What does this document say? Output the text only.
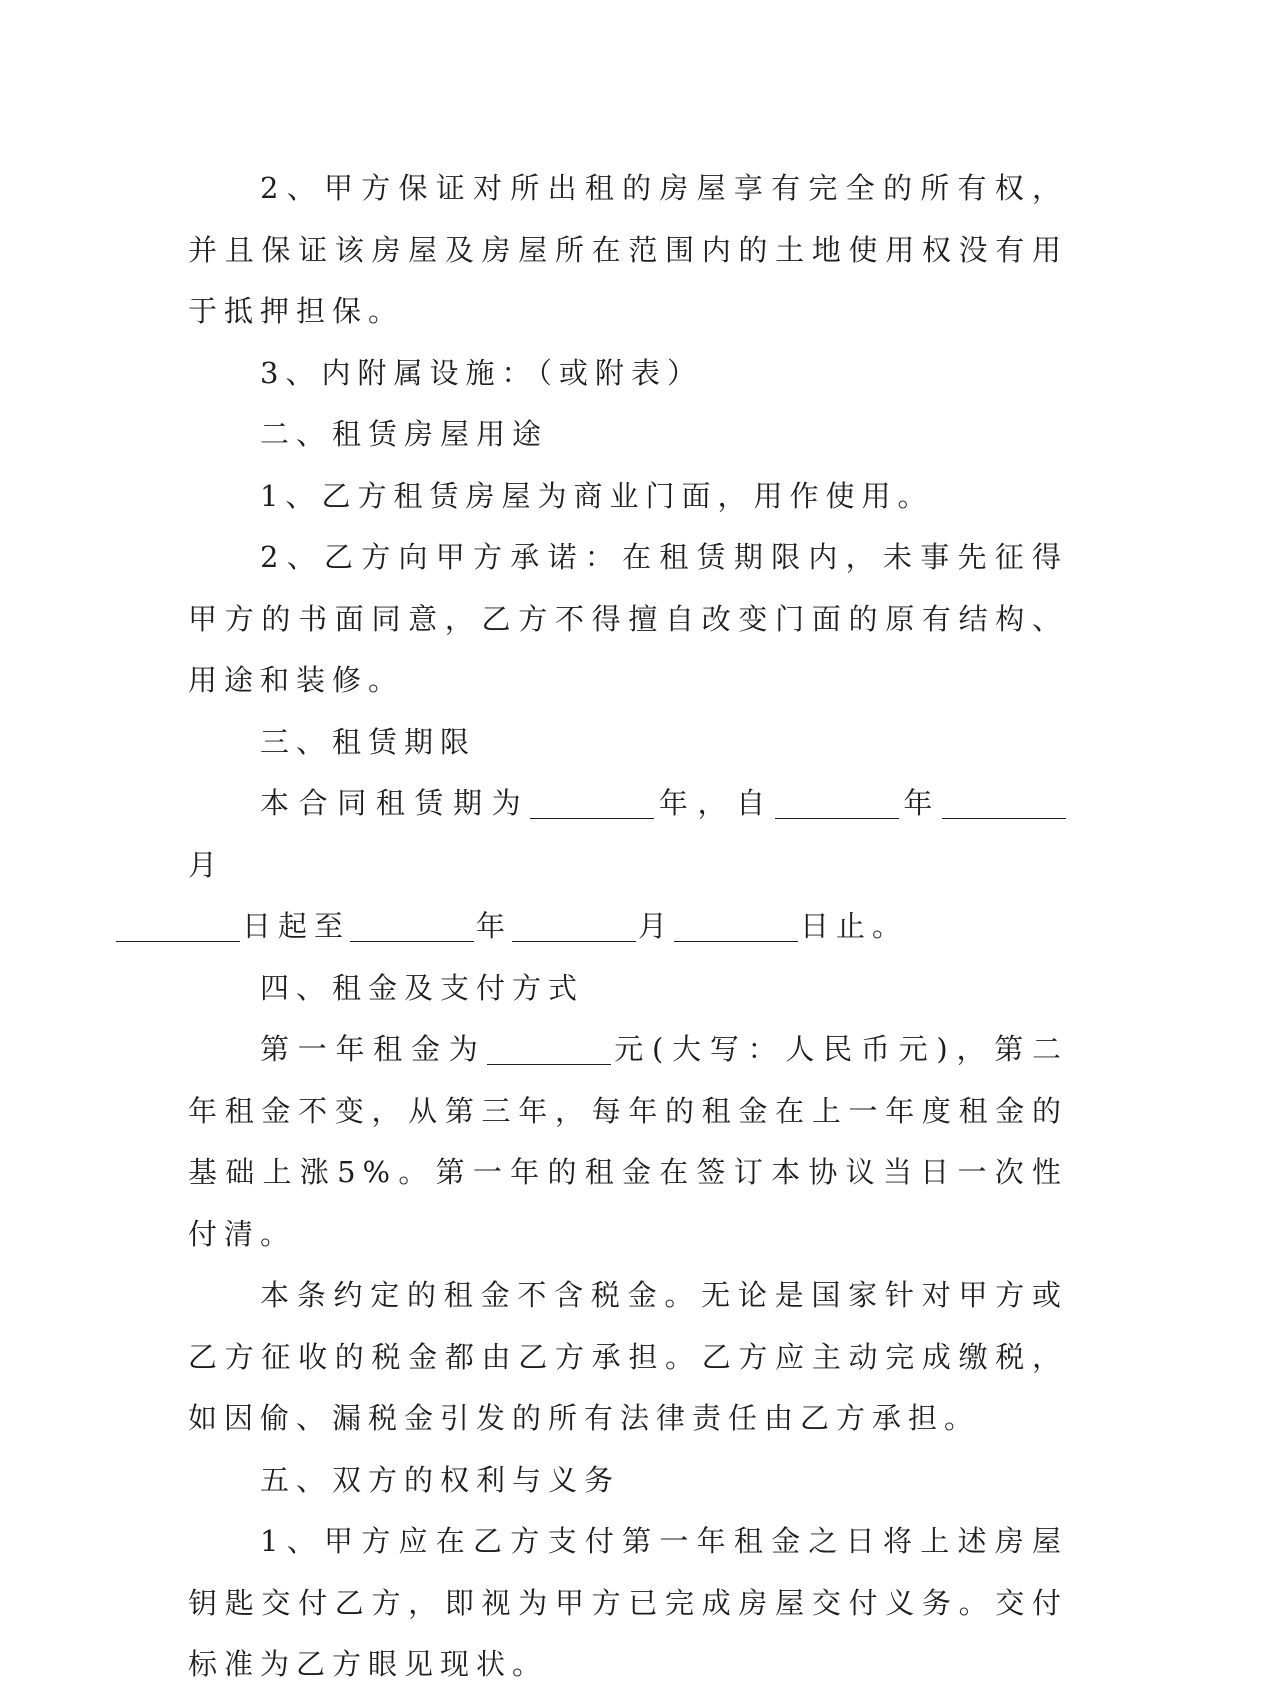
2、甲方保证对所出租的房屋享有完全的所有权，并且保证该房屋及房屋所在范围内的土地使用权没有用于抵押担保。

3、内附属设施：（或附表）

二、租赁房屋用途

1、乙方租赁房屋为商业门面，用作使用。

2、乙方向甲方承诺：在租赁期限内，未事先征得甲方的书面同意，乙方不得擅自改变门面的原有结构、用途和装修。

三、租赁期限

本合同租赁期为	年，自	年月
日起至	年	月	日止。

四、租金及支付方式

第一年租金为	元(大写：人民币元)，第二年租金不变，从第三年，每年的租金在上一年度租金的基础上涨5%。第一年的租金在签订本协议当日一次性付清。

本条约定的租金不含税金。无论是国家针对甲方或乙方征收的税金都由乙方承担。乙方应主动完成缴税，如因偷、漏税金引发的所有法律责任由乙方承担。

五、双方的权利与义务

1、甲方应在乙方支付第一年租金之日将上述房屋钥匙交付乙方，即视为甲方已完成房屋交付义务。交付标准为乙方眼见现状。
